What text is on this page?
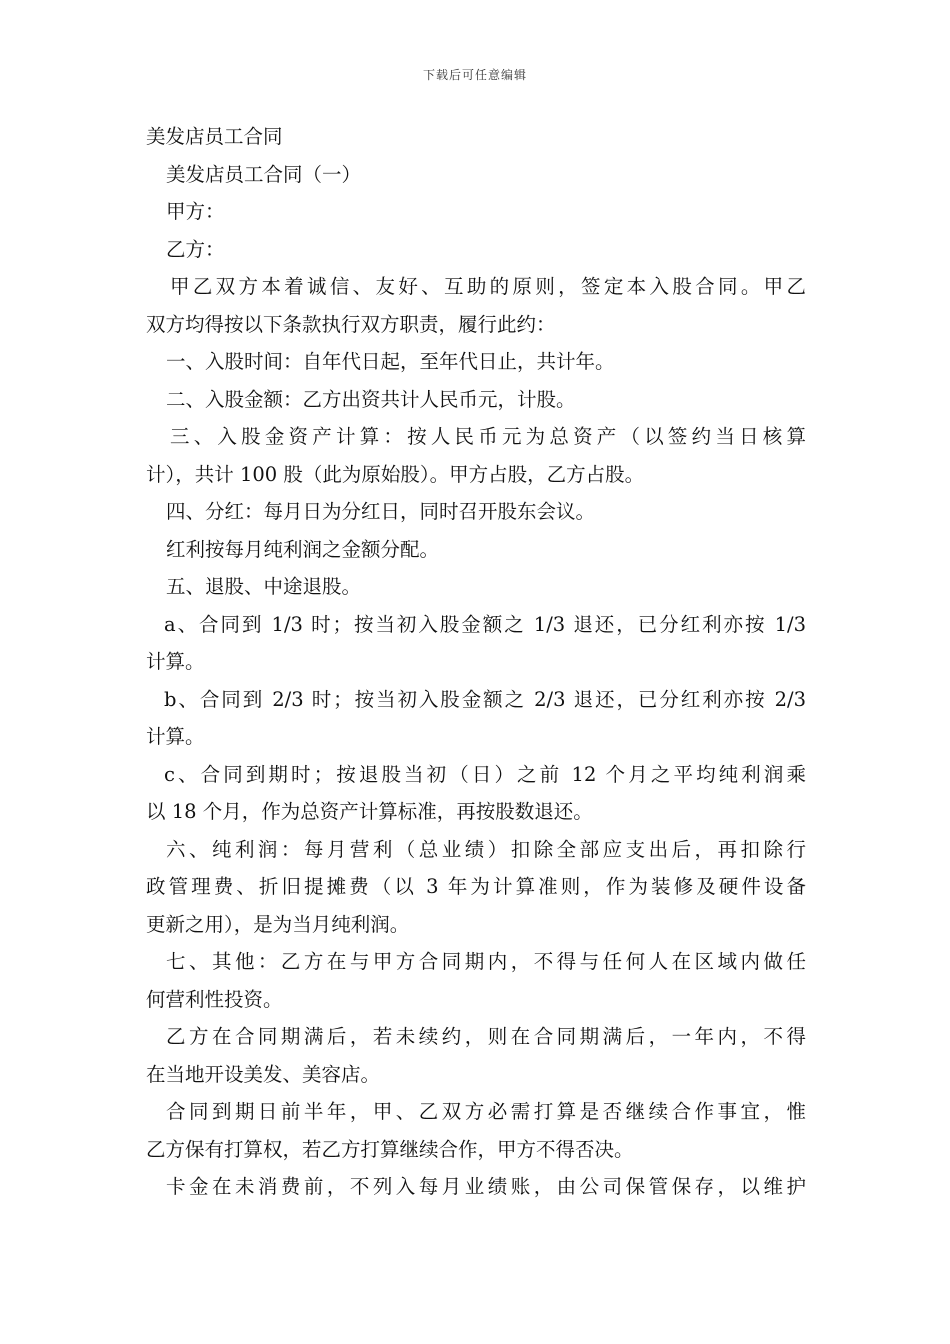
下载后可任意编辑
美发店员工合同
美发店员工合同（一）
甲方：
乙方：
甲乙双方本着诚信、友好、互助的原则，签定本入股合同。甲乙
双方均得按以下条款执行双方职责，履行此约：
一、入股时间：自年代日起，至年代日止，共计年。
二、入股金额：乙方出资共计人民币元，计股。
三、入股金资产计算：按人民币元为总资产（以签约当日核算
计），共计 100 股（此为原始股）。甲方占股，乙方占股。
四、分红：每月日为分红日，同时召开股东会议。
红利按每月纯利润之金额分配。
五、退股、中途退股。
a、合同到 1/3 时；按当初入股金额之 1/3 退还，已分红利亦按 1/3
计算。
b、合同到 2/3 时；按当初入股金额之 2/3 退还，已分红利亦按 2/3
计算。
c、合同到期时；按退股当初（日）之前 12 个月之平均纯利润乘
以 18 个月，作为总资产计算标准，再按股数退还。
六、纯利润：每月营利（总业绩）扣除全部应支出后，再扣除行
政管理费、折旧提摊费（以 3 年为计算准则，作为装修及硬件设备
更新之用），是为当月纯利润。
七、其他：乙方在与甲方合同期内，不得与任何人在区域内做任
何营利性投资。
乙方在合同期满后，若未续约，则在合同期满后，一年内，不得
在当地开设美发、美容店。
合同到期日前半年，甲、乙双方必需打算是否继续合作事宜，惟
乙方保有打算权，若乙方打算继续合作，甲方不得否决。
卡金在未消费前，不列入每月业绩账，由公司保管保存，以维护
